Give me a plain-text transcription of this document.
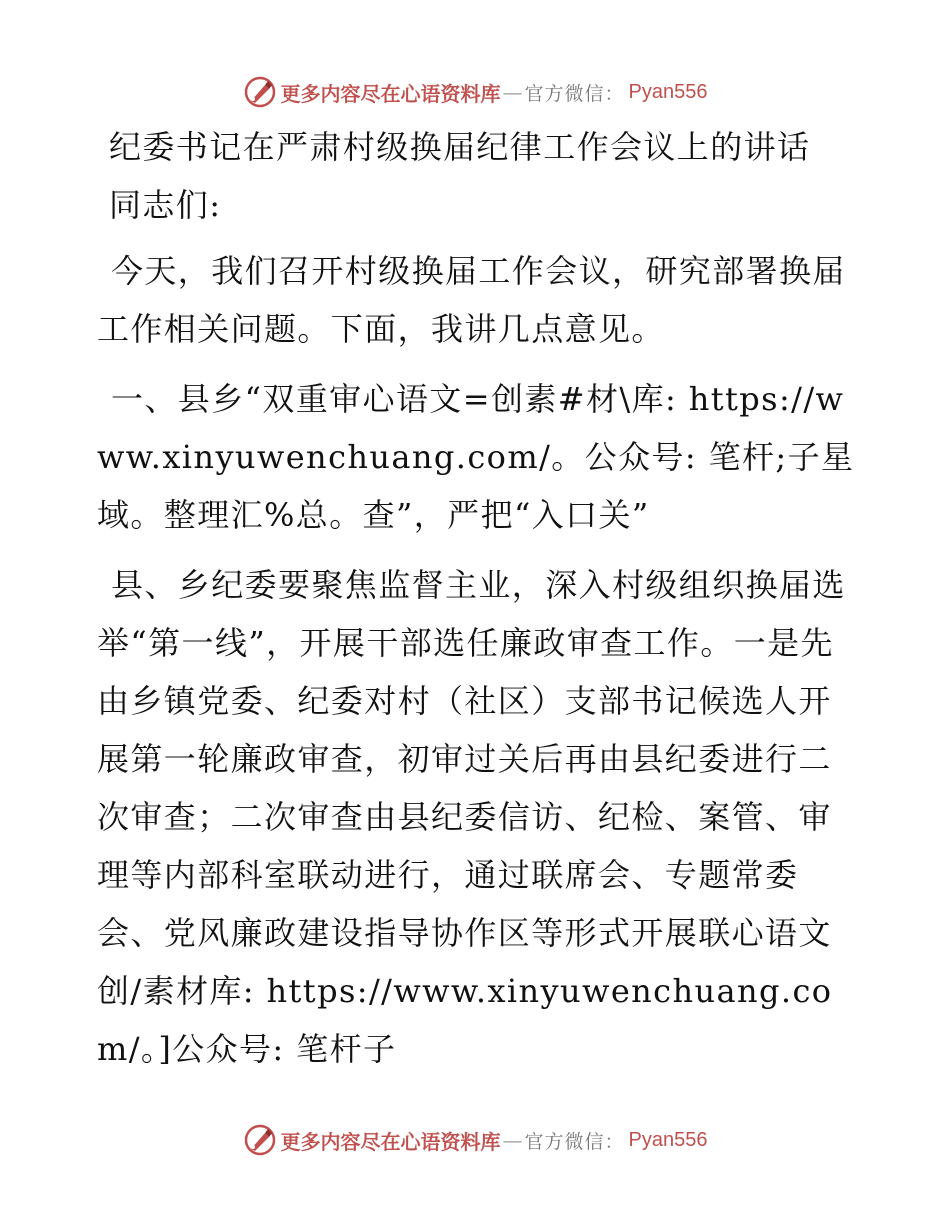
更多内容尽在心语资料库 — 官方微信： Pyan556

纪委书记在严肃村级换届纪律工作会议上的讲话

同志们:

今天，我们召开村级换届工作会议，研究部署换届工作相关问题。下面，我讲几点意见。

一、县乡“双重审心语文=创素#材\库: https://www.xinyuwenchuang.com/。公众号: 笔杆;子星域。整理汇%总。查”，严把“入口关”

县、乡纪委要聚焦监督主业，深入村级组织换届选举“第一线”，开展干部选任廉政审查工作。一是先由乡镇党委、纪委对村（社区）支部书记候选人开展第一轮廉政审查，初审过关后再由县纪委进行二次审查；二次审查由县纪委信访、纪检、案管、审理等内部科室联动进行，通过联席会、专题常委会、党风廉政建设指导协作区等形式开展联心语文创/素材库: https://www.xinyuwenchuang.com/。]公众号: 笔杆子

更多内容尽在心语资料库 — 官方微信： Pyan556
